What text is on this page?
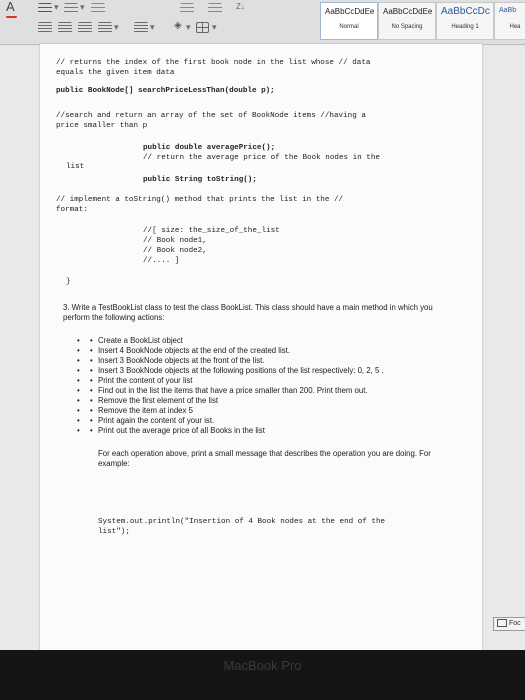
A	▾ ▾	Z↓
▾	▾ ◈ ▾ ▾
AaBbCcDdEe
Normal
AaBbCcDdEe
No Spacing
AaBbCcDc
Heading 1
AaBb
Hea
// returns the index of the first book node in the list whose // data
equals the given item data
public BookNode[] searchPriceLessThan(double p);
//search and return an array of the set of BookNode items //having a
price smaller than p
public double averagePrice();
// return the average price of the Book nodes in the
list
public String toString();
// implement a toString() method that prints the list in the //
format:
//[ size: the_size_of_the_list
// Book node1,
// Book node2,
//.... ]
}
3. Write a TestBookList class to test the class BookList. This class should have a main method in which you perform the following actions:
• • Create a BookList object
• • Insert 4 BookNode objects at the end of the created list.
• • Insert 3 BookNode objects at the front of the list.
• • Insert 3 BookNode objects at the following positions of the list respectively: 0, 2, 5 .
• • Print the content of your list
• • Find out in the list the items that have a price smaller than 200. Print them out.
• • Remove the first element of the list
• • Remove the item at index 5
• • Print again the content of your ist.
• • Print out the average price of all Books in the list
For each operation above, print a small message that describes the operation you are doing. For example:
System.out.println("Insertion of 4 Book nodes at the end of the
list");
Foc
MacBook Pro
